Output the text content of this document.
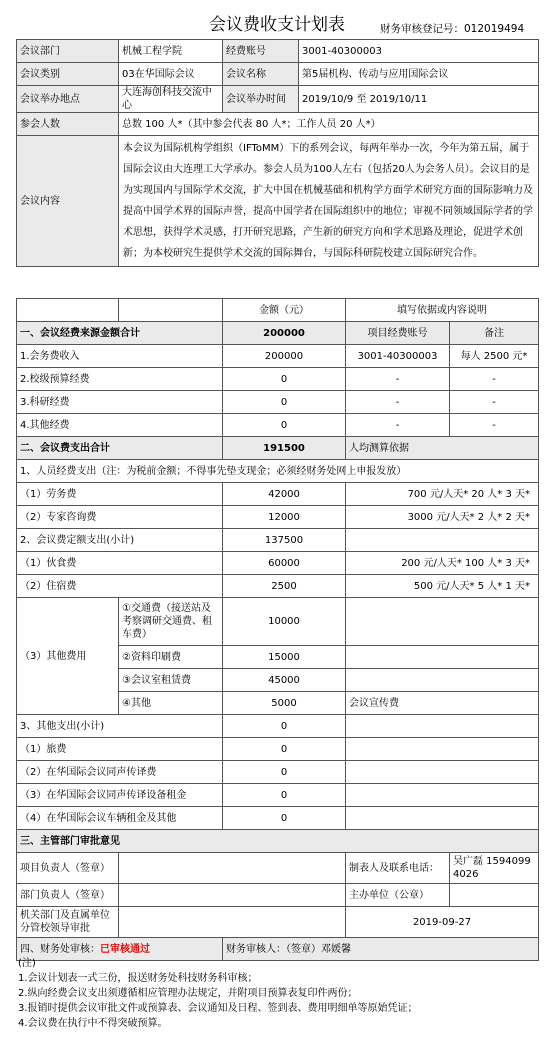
会议费收支计划表	财务审核登记号：012019494
会议部门	机械工程学院	经费账号	3001-40300003
会议类别	03在华国际会议	会议名称	第5届机构、传动与应用国际会议
会议举办地点	大连海创科技交流中心	会议举办时间	2019/10/9 至 2019/10/11
参会人数	总数 100 人*（其中参会代表 80 人*；工作人员 20 人*）		
会议内容	本会议为国际机构学组织（IFToMM）下的系列会议，每两年举办一次，今年为第五届，属于国际会议由大连理工大学承办。参会人员为100人左右（包括20人为会务人员）。会议目的是为实现国内与国际学术交流，扩大中国在机械基础和机构学方面学术研究方面的国际影响力及提高中国学术界的国际声誉，提高中国学者在国际组织中的地位；审视不同领域国际学者的学术思想，获得学术灵感，打开研究思路，产生新的研究方向和学术思路及理论，促进学术创新；为本校研究生提供学术交流的国际舞台，与国际科研院校建立国际研究合作。		
		金额（元）	填写依据或内容说明	
一、会议经费来源金额合计		200000	项目经费账号	备注
1.会务费收入		200000	3001-40300003	每人 2500 元*
2.校级预算经费		0	-	-
3.科研经费		0	-	-
4.其他经费		0	-	-
二、会议费支出合计		191500	人均测算依据	
1、人员经费支出（注：为税前金额；不得事先垫支现金；必须经财务处网上申报发放）				
（1）劳务费		42000	700 元/人天* 20 人* 3 天*	
（2）专家咨询费		12000	3000 元/人天* 2 人* 2 天*	
2、会议费定额支出(小计)		137500		
（1）伙食费		60000	200 元/人天* 100 人* 3 天*	
（2）住宿费		2500	500 元/人天* 5 人* 1 天*	
（3）其他费用	①交通费（接送站及考察调研交通费、租车费）	10000		
	②资料印刷费	15000		
	③会议室租赁费	45000		
	④其他	5000	会议宣传费	
3、其他支出(小计)		0		
（1）旅费		0		
（2）在华国际会议同声传译费		0		
（3）在华国际会议同声传译设备租金		0		
（4）在华国际会议车辆租金及其他		0		
三、主管部门审批意见				
项目负责人（签章）			制表人及联系电话：	吴广磊 15940994026
部门负责人（签章）			主办单位（公章）	
机关部门及直属单位分管校领导审批			2019-09-27	
四、财务处审核：已审核通过		财务审核人：（签章）邓媛馨		
(注)
1.会议计划表一式三份，报送财务处科技财务科审核；
2.纵向经费会议支出须遵循相应管理办法规定，并附项目预算表复印件两份；
3.报销时提供会议审批文件或预算表、会议通知及日程、签到表、费用明细单等原始凭证；
4.会议费在执行中不得突破预算。
